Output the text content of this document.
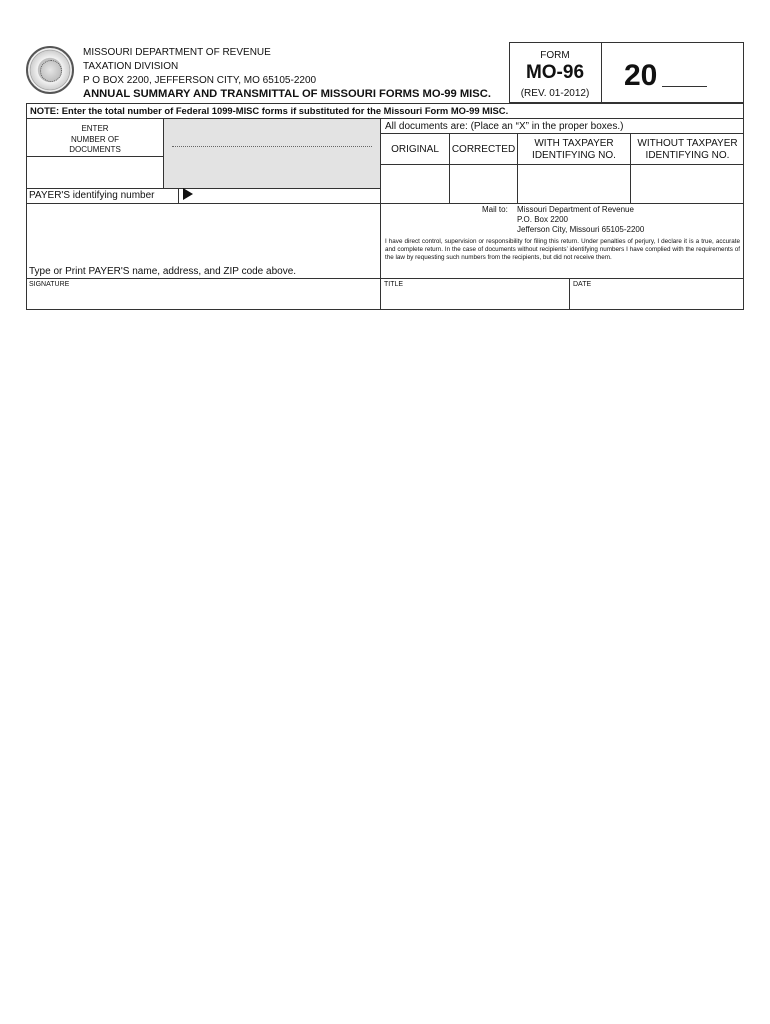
MISSOURI DEPARTMENT OF REVENUE
TAXATION DIVISION
P O BOX 2200, JEFFERSON CITY, MO 65105-2200
ANNUAL SUMMARY AND TRANSMITTAL OF MISSOURI FORMS MO-99 MISC.
FORM
MO-96
(REV. 01-2012)
20
NOTE: Enter the total number of Federal 1099-MISC forms if substituted for the Missouri Form MO-99 MISC.
ENTER
NUMBER OF
DOCUMENTS
All documents are: (Place an “X” in the proper boxes.)
ORIGINAL	CORRECTED
WITH TAXPAYER
IDENTIFYING NO.
WITHOUT TAXPAYER
IDENTIFYING NO.
PAYER'S identifying number
Type or Print PAYER'S name, address, and ZIP code above.
Mail to: Missouri Department of Revenue
P.O. Box 2200
Jefferson City, Missouri 65105-2200
I have direct control, supervision or responsibility for filing this return. Under penalties of perjury, I declare it is a true, accurate and complete return. In the case of documents without recipients’ identifying numbers I have complied with the requirements of the law by requesting such numbers from the recipients, but did not receive them.
SIGNATURE	TITLE	DATE
